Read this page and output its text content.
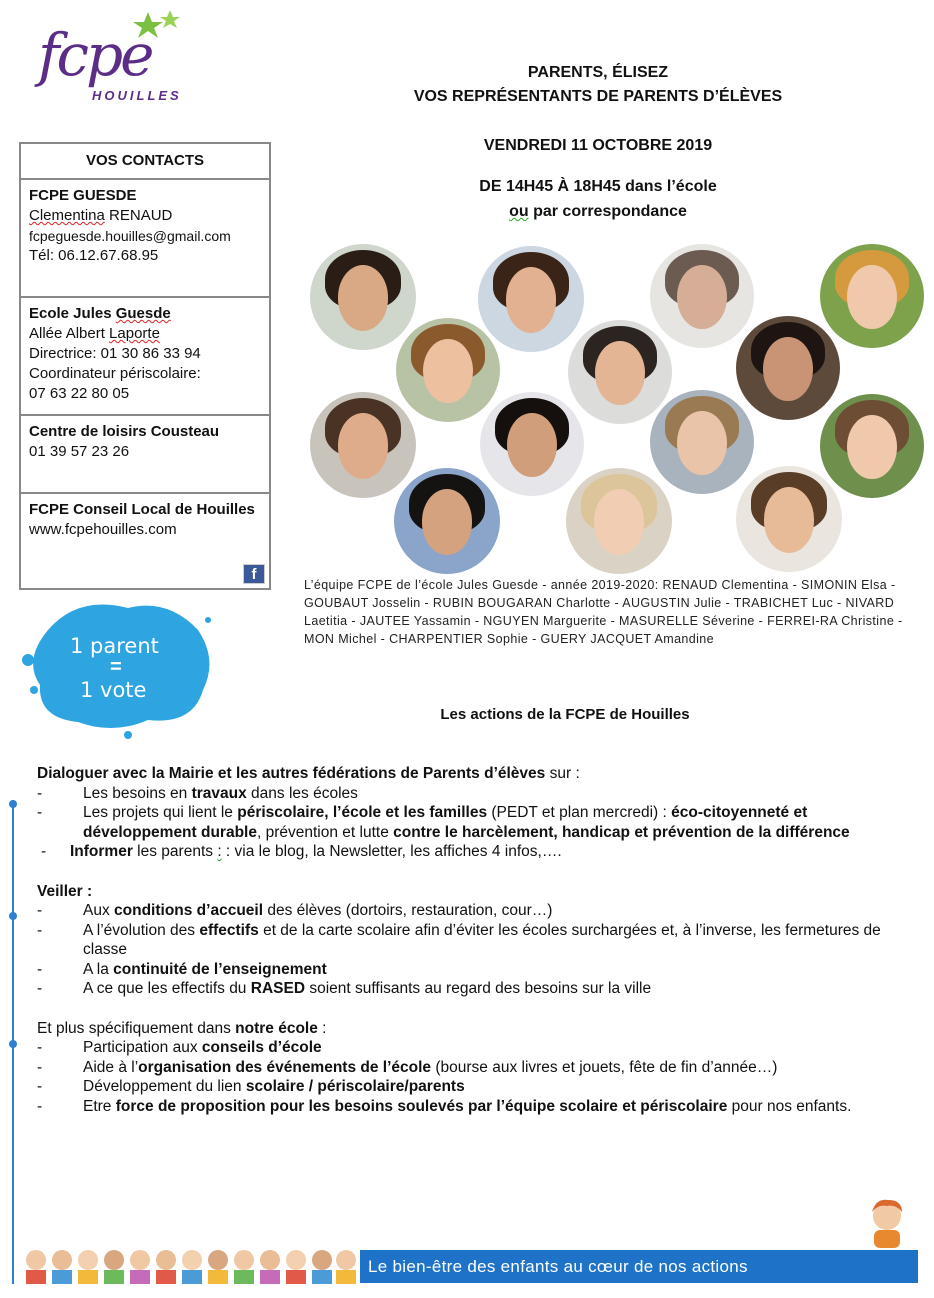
fcpe
HOUILLES
PARENTS, ÉLISEZ
VOS REPRÉSENTANTS DE PARENTS D’ÉLÈVES
VENDREDI 11 OCTOBRE 2019
DE 14H45 À 18H45 dans l’école
ou par correspondance
VOS CONTACTS
FCPE GUESDE
Clementina RENAUD
fcpeguesde.houilles@gmail.com
Tél: 06.12.67.68.95
Ecole Jules Guesde
Allée Albert Laporte
Directrice: 01 30 86 33 94
Coordinateur périscolaire:
07 63 22 80 05
Centre de loisirs Cousteau
01 39 57 23 26
FCPE Conseil Local de Houilles
www.fcpehouilles.com
f
1 parent
=
1 vote
L’équipe FCPE de l’école Jules Guesde - année 2019-2020: RENAUD Clementina - SIMONIN Elsa - GOUBAUT Josselin - RUBIN BOUGARAN Charlotte - AUGUSTIN Julie - TRABICHET Luc - NIVARD Laetitia - JAUTEE Yassamin - NGUYEN Marguerite - MASURELLE Séverine - FERREI-RA Christine - MON Michel - CHARPENTIER Sophie - GUERY JACQUET Amandine
Les actions de la FCPE de Houilles
Dialoguer avec la Mairie et les autres fédérations de Parents d’élèves sur :
-	Les besoins en travaux dans les écoles
-	Les projets qui lient le périscolaire, l’école et les familles (PEDT et plan mercredi) : éco-citoyenneté et développement durable, prévention et lutte contre le harcèlement, handicap et prévention de la différence
- Informer les parents : : via le blog, la Newsletter, les affiches 4 infos,….
Veiller :
-	Aux conditions d’accueil des élèves (dortoirs, restauration, cour…)
-	A l’évolution des effectifs et de la carte scolaire afin d’éviter les écoles surchargées et, à l’inverse, les fermetures de classe
-	A la continuité de l’enseignement
-	A ce que les effectifs du RASED soient suffisants au regard des besoins sur la ville
Et plus spécifiquement dans notre école :
-	Participation aux conseils d’école
-	Aide à l’organisation des événements de l’école (bourse aux livres et jouets, fête de fin d’année…)
-	Développement du lien scolaire / périscolaire/parents
-	Etre force de proposition pour les besoins soulevés par l’équipe scolaire et périscolaire pour nos enfants.
Le bien-être des enfants au cœur de nos actions
